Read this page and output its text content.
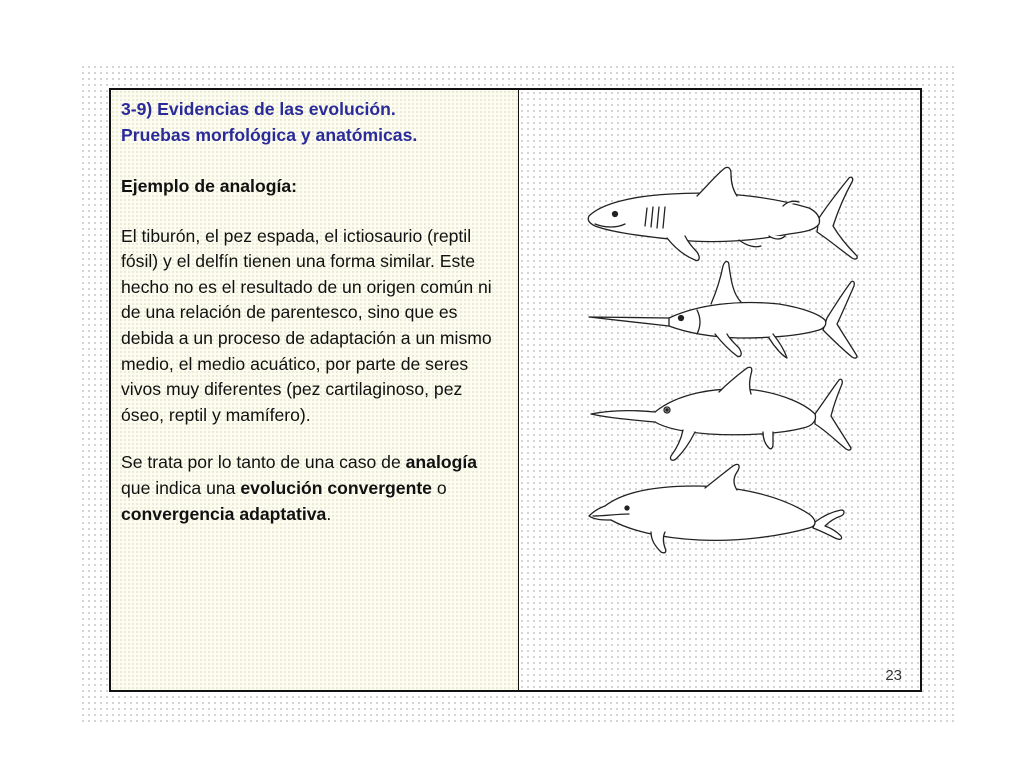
3-9) Evidencias de las evolución.
Pruebas morfológica y anatómicas.

Ejemplo de analogía:

El tiburón, el pez espada, el ictiosaurio (reptil fósil) y el delfín tienen una forma similar. Este hecho no es el resultado de un origen común ni de una relación de parentesco, sino que es debida a un proceso de adaptación a un mismo medio, el medio acuático, por parte de seres vivos muy diferentes (pez cartilaginoso, pez óseo, reptil y mamífero).

Se trata por lo tanto de una caso de analogía que indica una evolución convergente o convergencia adaptativa.

23
